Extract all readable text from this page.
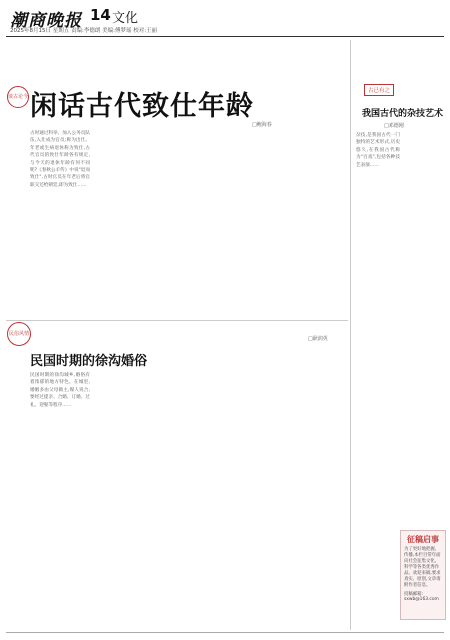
潮商晚报 14 文化
2025年8月15日 星期五 责编:李德朗 美编:傅梦瑶 校对:王丽
谈古论今 闲话古代致仕年龄
□鲍海春
古时通过科举、加入公务员队伍,入仕成为官员;称为出仕。年老或生病退休称为致仕,古代官员的致仕年龄各有规定,与今天的退休年龄有何不同呢?《春秋公羊传》中说"退而致仕",古时官员在年老后将官职交还给朝廷,即为致仕……
古已有之
我国古代的杂技艺术
□邓德刚
杂技,是我国古代一门独特的艺术形式,历史悠久,在我国古代称为"百戏",包括各种技艺表演……
民俗风情
□耿润英
民国时期的徐沟婚俗
民国时期的徐沟城乡,婚俗有着浓郁的地方特色。在城里,婚姻多由父母做主,媒人说合,要经过提亲、合婚、订婚、过礼、迎娶等程序……
征稿启事
为了更好地把握、传播,本栏目常年面向社会征集文化、科学等各类优秀作品。欢迎来稿,要求真实、原创,文章请附作者信息。
投稿邮箱: sxwb@163.com
